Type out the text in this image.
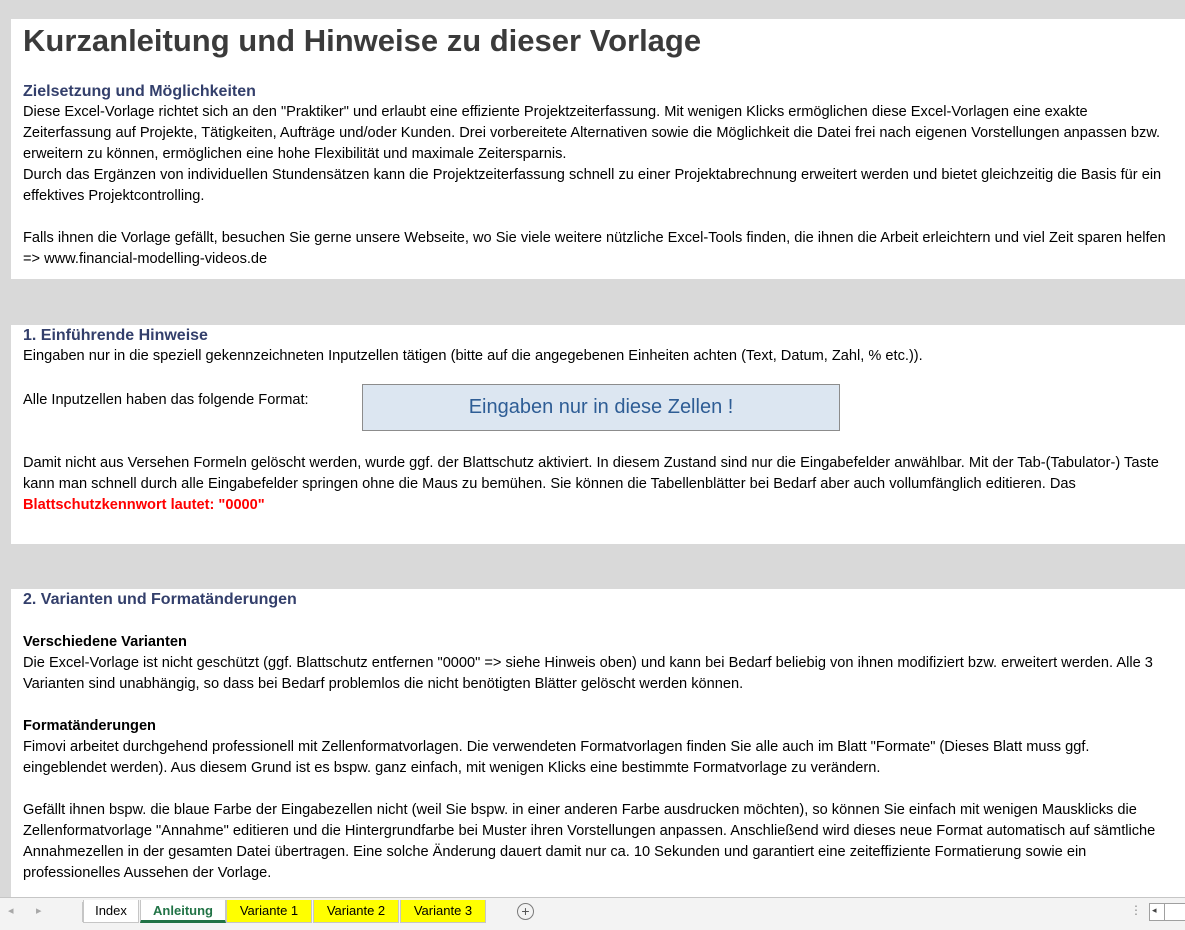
Kurzanleitung und Hinweise zu dieser Vorlage
Zielsetzung und Möglichkeiten

Diese Excel-Vorlage richtet sich an den "Praktiker" und erlaubt eine effiziente Projektzeiterfassung. Mit wenigen Klicks ermöglichen diese Excel-Vorlagen eine exakte Zeiterfassung auf Projekte, Tätigkeiten, Aufträge und/oder Kunden. Drei vorbereitete Alternativen sowie die Möglichkeit die Datei frei nach eigenen Vorstellungen anpassen bzw. erweitern zu können, ermöglichen eine hohe Flexibilität und maximale Zeitersparnis.

Durch das Ergänzen von individuellen Stundensätzen kann die Projektzeiterfassung schnell zu einer Projektabrechnung erweitert werden und bietet gleichzeitig die Basis für ein effektives Projektcontrolling.

Falls ihnen die Vorlage gefällt, besuchen Sie gerne unsere Webseite, wo Sie viele weitere nützliche Excel-Tools finden, die ihnen die Arbeit erleichtern und viel Zeit sparen helfen => www.financial-modelling-videos.de

1. Einführende Hinweise

Eingaben nur in die speziell gekennzeichneten Inputzellen tätigen (bitte auf die angegebenen Einheiten achten (Text, Datum, Zahl, % etc.)).

Alle Inputzellen haben das folgende Format:	Eingaben nur in diese Zellen !
Damit nicht aus Versehen Formeln gelöscht werden, wurde ggf. der Blattschutz aktiviert. In diesem Zustand sind nur die Eingabefelder anwählbar. Mit der Tab-(Tabulator-) Taste kann man schnell durch alle Eingabefelder springen ohne die Maus zu bemühen. Sie können die Tabellenblätter bei Bedarf aber auch vollumfänglich editieren. Das Blattschutzkennwort lautet: "0000"
2. Varianten und Formatänderungen
Verschiedene Varianten

Die Excel-Vorlage ist nicht geschützt (ggf. Blattschutz entfernen "0000" => siehe Hinweis oben) und kann bei Bedarf beliebig von ihnen modifiziert bzw. erweitert werden. Alle 3 Varianten sind unabhängig, so dass bei Bedarf problemlos die nicht benötigten Blätter gelöscht werden können.

Formatänderungen

Fimovi arbeitet durchgehend professionell mit Zellenformatvorlagen. Die verwendeten Formatvorlagen finden Sie alle auch im Blatt "Formate" (Dieses Blatt muss ggf. eingeblendet werden). Aus diesem Grund ist es bspw. ganz einfach, mit wenigen Klicks eine bestimmte Formatvorlage zu verändern.

Gefällt ihnen bspw. die blaue Farbe der Eingabezellen nicht (weil Sie bspw. in einer anderen Farbe ausdrucken möchten), so können Sie einfach mit wenigen Mausklicks die Zellenformatvorlage "Annahme" editieren und die Hintergrundfarbe bei Muster ihren Vorstellungen anpassen. Anschließend wird dieses neue Format automatisch auf sämtliche Annahmezellen in der gesamten Datei übertragen. Eine solche Änderung dauert damit nur ca. 10 Sekunden und garantiert eine zeiteffiziente Formatierung sowie ein professionelles Aussehen der Vorlage.

◂ ▸	Index	Anleitung	Variante 1	Variante 2	Variante 3	+	⋮ ◂
